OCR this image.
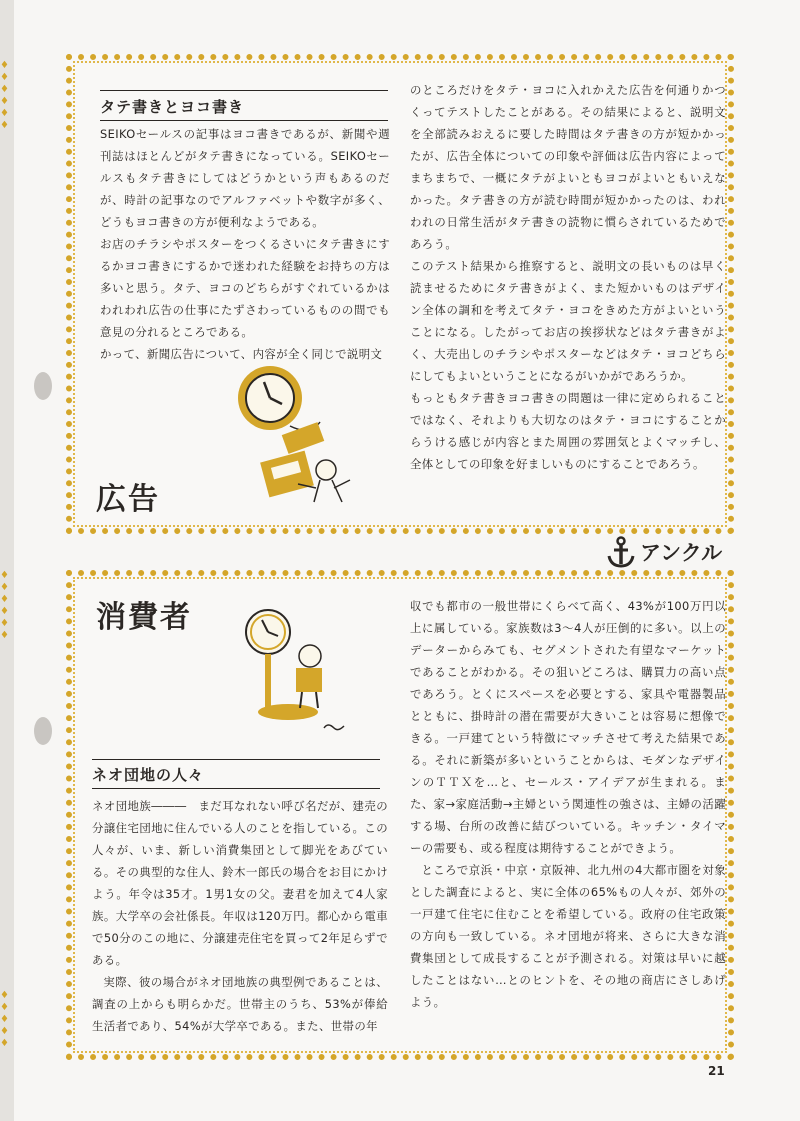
♦
♦
♦
♦
♦
♦
♦
♦
♦
♦
♦
♦
♦
♦
♦
♦
♦
タテ書きとヨコ書き

SEIKOセールスの記事はヨコ書きであるが、新聞や週刊誌はほとんどがタテ書きになっている。SEIKOセールスもタテ書きにしてはどうかという声もあるのだが、時計の記事なのでアルファベットや数字が多く、どうもヨコ書きの方が便利なようである。

お店のチラシやポスターをつくるさいにタテ書きにするかヨコ書きにするかで迷われた経験をお持ちの方は多いと思う。タテ、ヨコのどちらがすぐれているかはわれわれ広告の仕事にたずさわっているものの間でも意見の分れるところである。

かって、新聞広告について、内容が全く同じで説明文

のところだけをタテ・ヨコに入れかえた広告を何通りかつくってテストしたことがある。その結果によると、説明文を全部読みおえるに要した時間はタテ書きの方が短かかったが、広告全体についての印象や評価は広告内容によってまちまちで、一概にタテがよいともヨコがよいともいえなかった。タテ書きの方が読む時間が短かかったのは、われわれの日常生活がタテ書きの読物に慣らされているためであろう。

このテスト結果から推察すると、説明文の長いものは早く読ませるためにタテ書きがよく、また短かいものはデザイン全体の調和を考えてタテ・ヨコをきめた方がよいということになる。したがってお店の挨拶状などはタテ書きがよく、大売出しのチラシやポスターなどはタテ・ヨコどちらにしてもよいということになるがいかがであろうか。

もっともタテ書きヨコ書きの問題は一律に定められることではなく、それよりも大切なのはタテ・ヨコにすることからうける感じが内容とまた周囲の雰囲気とよくマッチし、全体としての印象を好ましいものにすることであろう。

広告
アンクル
消費者
ネオ団地の人々

ネオ団地族―――　まだ耳なれない呼び名だが、建売の分譲住宅団地に住んでいる人のことを指している。この人々が、いま、新しい消費集団として脚光をあびている。その典型的な住人、鈴木一郎氏の場合をお目にかけよう。年令は35才。1男1女の父。妻君を加えて4人家族。大学卒の会社係長。年収は120万円。都心から電車で50分のこの地に、分譲建売住宅を買って2年足らずである。

実際、彼の場合がネオ団地族の典型例であることは、調査の上からも明らかだ。世帯主のうち、53%が俸給生活者であり、54%が大学卒である。また、世帯の年

収でも都市の一般世帯にくらべて高く、43%が100万円以上に属している。家族数は3～4人が圧倒的に多い。以上のデーターからみても、セグメントされた有望なマーケットであることがわかる。その狙いどころは、購買力の高い点であろう。とくにスペースを必要とする、家具や電器製品とともに、掛時計の潜在需要が大きいことは容易に想像できる。一戸建てという特徴にマッチさせて考えた結果である。それに新築が多いということからは、モダンなデザインのＴＴＸを…と、セールス・アイデアが生まれる。また、家→家庭活動→主婦という関連性の強さは、主婦の活躍する場、台所の改善に結びついている。キッチン・タイマーの需要も、或る程度は期待することができよう。

ところで京浜・中京・京阪神、北九州の4大都市圏を対象とした調査によると、実に全体の65%もの人々が、郊外の一戸建て住宅に住むことを希望している。政府の住宅政策の方向も一致している。ネオ団地が将来、さらに大きな消費集団として成長することが予測される。対策は早いに越したことはない…とのヒントを、その地の商店にさしあげよう。

21
